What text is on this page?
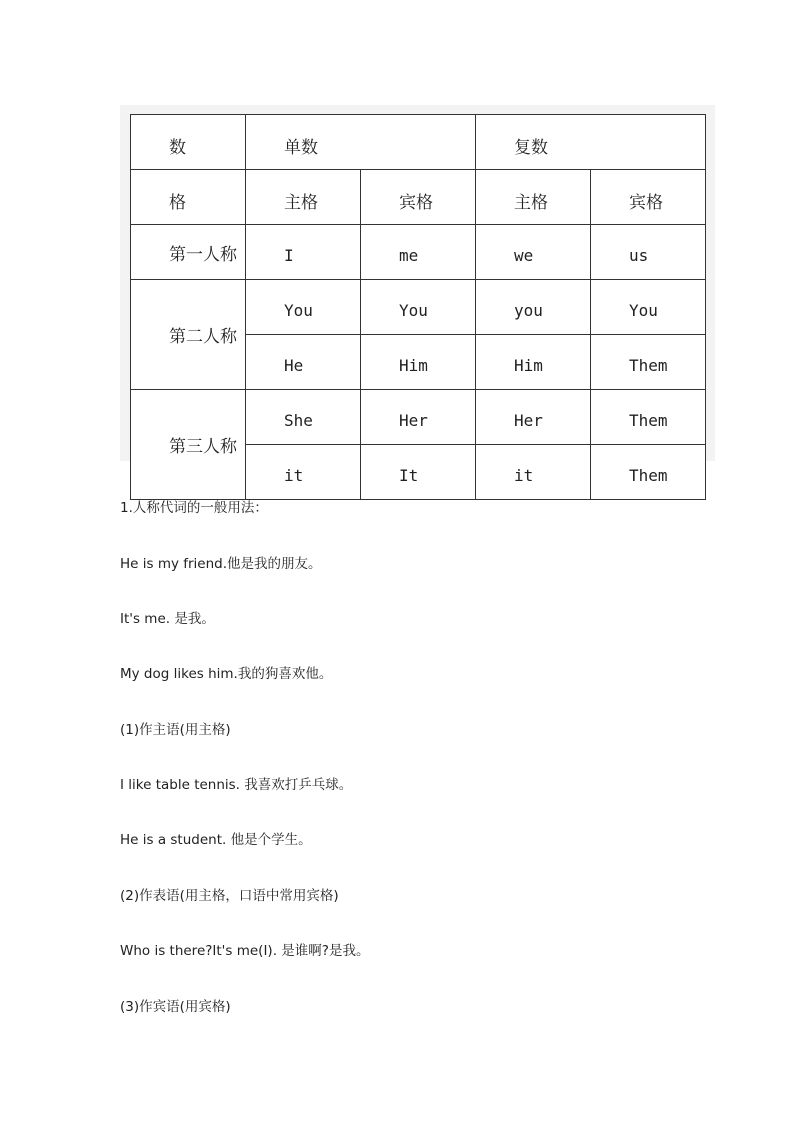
数	单数		复数	
格	主格	宾格	主格	宾格
第一人称	I	me	we	us
第二人称	You	You	you	You
	He	Him	Him	Them
第三人称	She	Her	Her	Them
	it	It	it	Them
1.人称代词的一般用法：
He is my friend.他是我的朋友。
It's me. 是我。
My dog likes him.我的狗喜欢他。
(1)作主语(用主格)
I like table tennis. 我喜欢打乒乓球。
He is a student. 他是个学生。
(2)作表语(用主格，口语中常用宾格)
Who is there?It's me(I). 是谁啊?是我。
(3)作宾语(用宾格)
